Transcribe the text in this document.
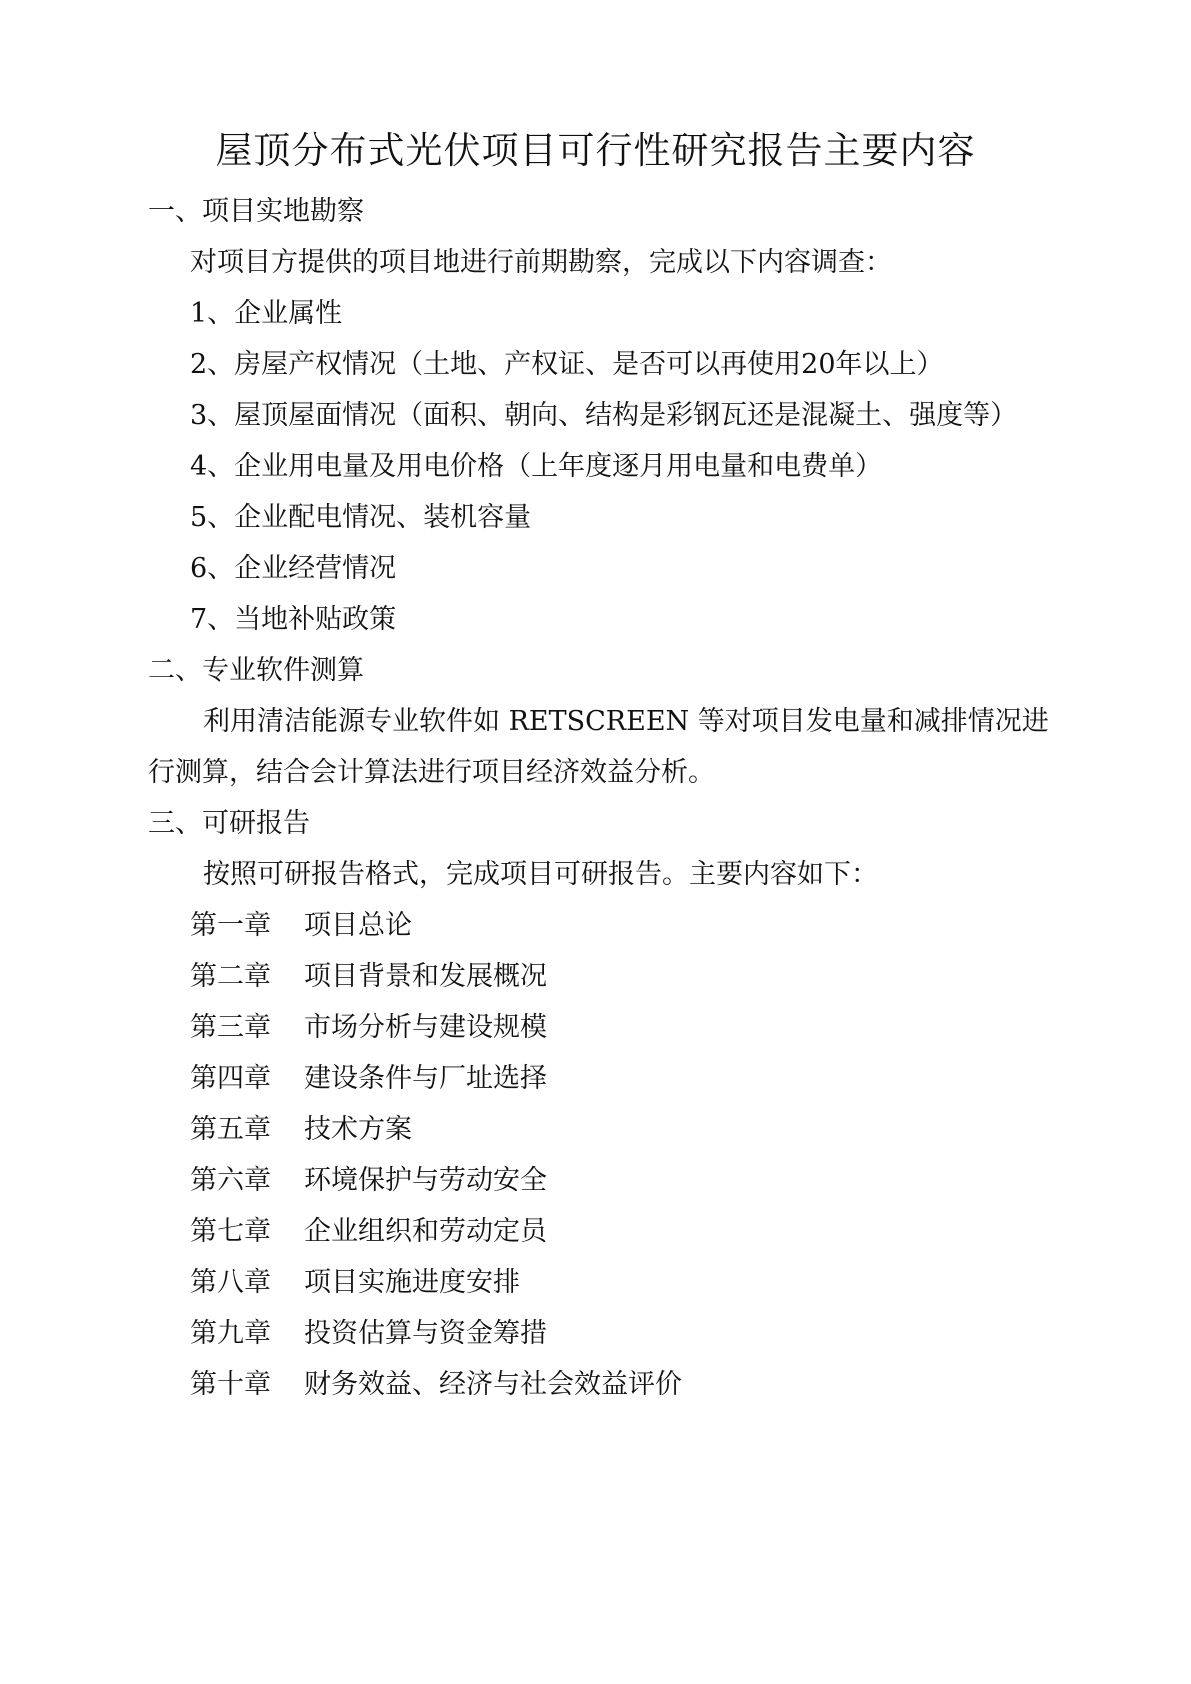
屋顶分布式光伏项目可行性研究报告主要内容
一、项目实地勘察
对项目方提供的项目地进行前期勘察，完成以下内容调查：
1、企业属性
2、房屋产权情况（土地、产权证、是否可以再使用20年以上）
3、屋顶屋面情况（面积、朝向、结构是彩钢瓦还是混凝土、强度等）
4、企业用电量及用电价格（上年度逐月用电量和电费单）
5、企业配电情况、装机容量
6、企业经营情况
7、当地补贴政策
二、专业软件测算
利用清洁能源专业软件如 RETSCREEN 等对项目发电量和减排情况进
行测算，结合会计算法进行项目经济效益分析。
三、可研报告
按照可研报告格式，完成项目可研报告。主要内容如下：
第一章 项目总论
第二章 项目背景和发展概况
第三章 市场分析与建设规模
第四章 建设条件与厂址选择
第五章 技术方案
第六章 环境保护与劳动安全
第七章 企业组织和劳动定员
第八章 项目实施进度安排
第九章 投资估算与资金筹措
第十章 财务效益、经济与社会效益评价
